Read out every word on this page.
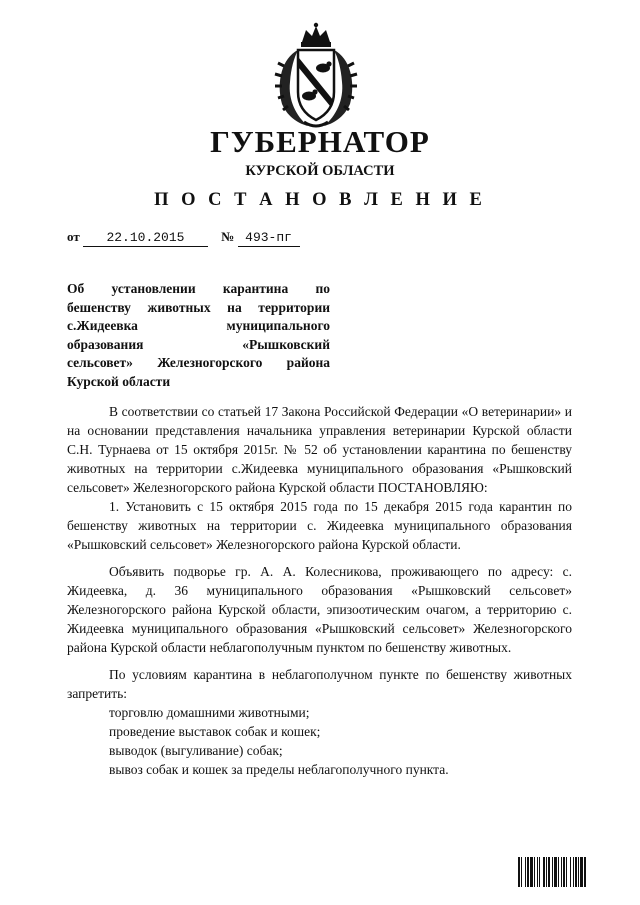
ГУБЕРНАТОР
КУРСКОЙ ОБЛАСТИ
П О С Т А Н О В Л Е Н И Е
от 22.10.2015	№ 493-пг
Об установлении карантина по
бешенству животных на территории
с.Жидеевка муниципального
образования «Рышковский
сельсовет» Железногорского района
Курской области

В соответствии со статьей 17 Закона Российской Федерации «О ветеринарии» и на основании представления начальника управления ветеринарии Курской области С.Н. Турнаева от 15 октября 2015г. № 52 об установлении карантина по бешенству животных на территории с.Жидеевка муниципального образования «Рышковский сельсовет» Железногорского района Курской области ПОСТАНОВЛЯЮ:

1. Установить с 15 октября 2015 года по 15 декабря 2015 года карантин по бешенству животных на территории с. Жидеевка муниципального образования «Рышковский сельсовет» Железногорского района Курской области.

Объявить подворье гр. А. А. Колесникова, проживающего по адресу: с. Жидеевка, д. 36 муниципального образования «Рышковский сельсовет» Железногорского района Курской области, эпизоотическим очагом, а территорию с. Жидеевка муниципального образования «Рышковский сельсовет» Железногорского района Курской области неблагополучным пунктом по бешенству животных.

По условиям карантина в неблагополучном пункте по бешенству животных запретить:

торговлю домашними животными;

проведение выставок собак и кошек;

выводок (выгуливание) собак;

вывоз собак и кошек за пределы неблагополучного пункта.
